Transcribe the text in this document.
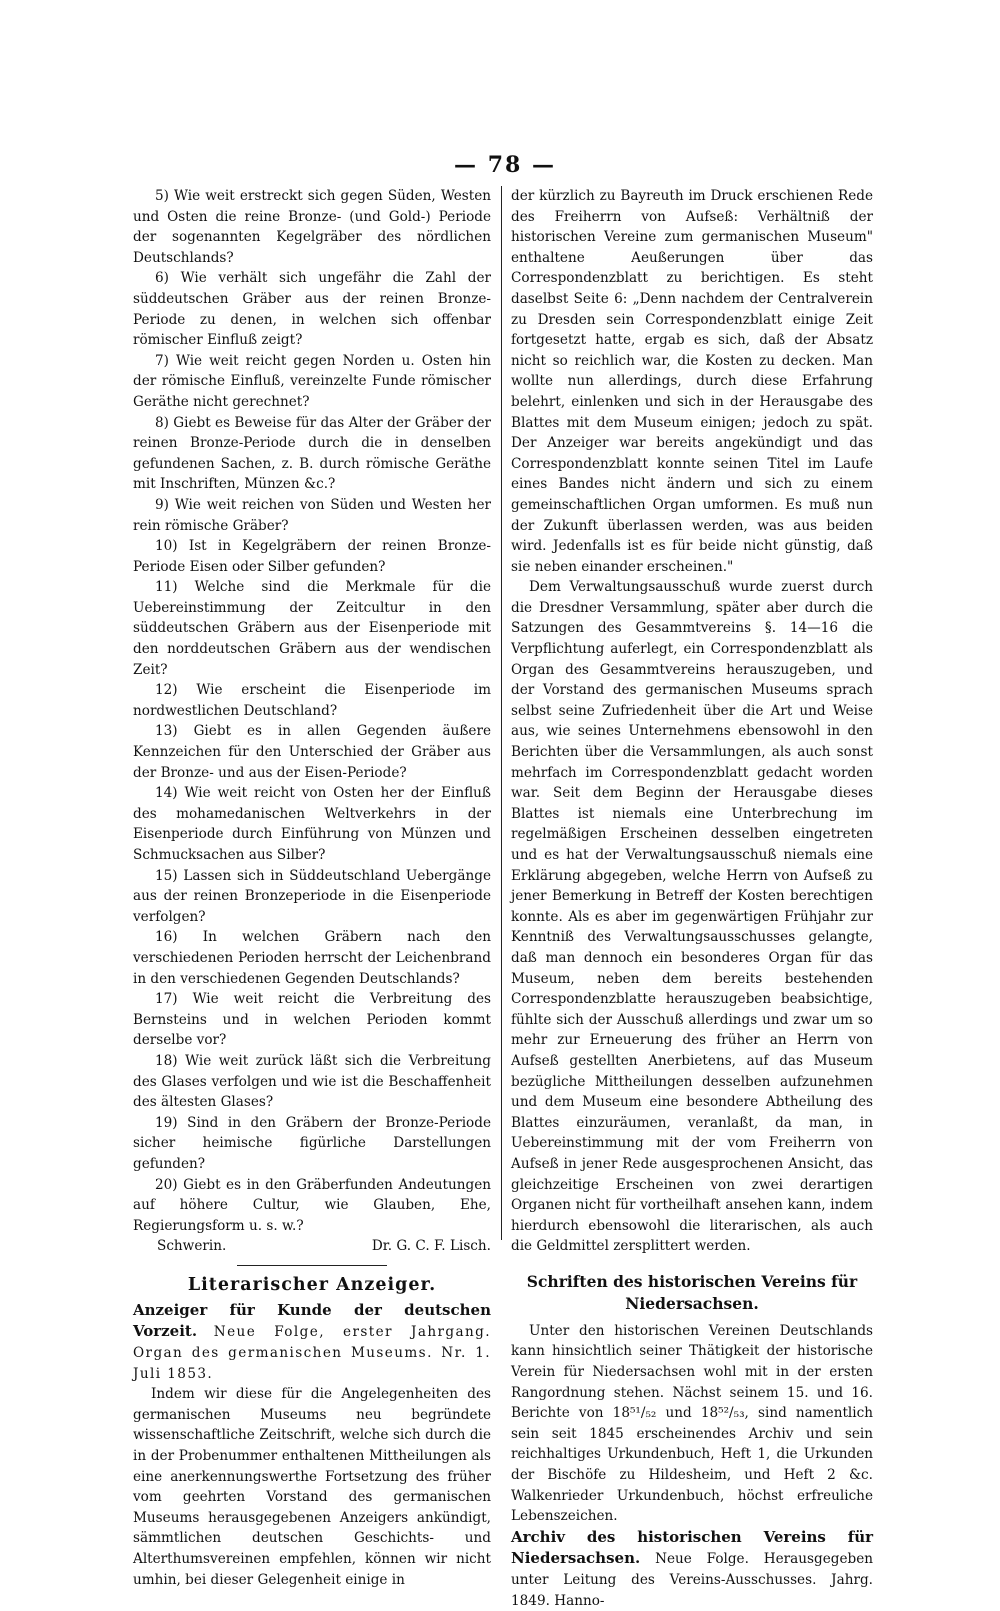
— 78 —

5) Wie weit erstreckt sich gegen Süden, Westen und Osten die reine Bronze- (und Gold-) Periode der sogenannten Kegelgräber des nördlichen Deutschlands?

6) Wie verhält sich ungefähr die Zahl der süddeutschen Gräber aus der reinen Bronze-Periode zu denen, in welchen sich offenbar römischer Einfluß zeigt?

7) Wie weit reicht gegen Norden u. Osten hin der römische Einfluß, vereinzelte Funde römischer Geräthe nicht gerechnet?

8) Giebt es Beweise für das Alter der Gräber der reinen Bronze-Periode durch die in denselben gefundenen Sachen, z. B. durch römische Geräthe mit Inschriften, Münzen &c.?

9) Wie weit reichen von Süden und Westen her rein römische Gräber?

10) Ist in Kegelgräbern der reinen Bronze-Periode Eisen oder Silber gefunden?

11) Welche sind die Merkmale für die Uebereinstimmung der Zeitcultur in den süddeutschen Gräbern aus der Eisenperiode mit den norddeutschen Gräbern aus der wendischen Zeit?

12) Wie erscheint die Eisenperiode im nordwestlichen Deutschland?

13) Giebt es in allen Gegenden äußere Kennzeichen für den Unterschied der Gräber aus der Bronze- und aus der Eisen-Periode?

14) Wie weit reicht von Osten her der Einfluß des mohamedanischen Weltverkehrs in der Eisenperiode durch Einführung von Münzen und Schmucksachen aus Silber?

15) Lassen sich in Süddeutschland Uebergänge aus der reinen Bronzeperiode in die Eisenperiode verfolgen?

16) In welchen Gräbern nach den verschiedenen Perioden herrscht der Leichenbrand in den verschiedenen Gegenden Deutschlands?

17) Wie weit reicht die Verbreitung des Bernsteins und in welchen Perioden kommt derselbe vor?

18) Wie weit zurück läßt sich die Verbreitung des Glases verfolgen und wie ist die Beschaffenheit des ältesten Glases?

19) Sind in den Gräbern der Bronze-Periode sicher heimische figürliche Darstellungen gefunden?

20) Giebt es in den Gräberfunden Andeutungen auf höhere Cultur, wie Glauben, Ehe, Regierungsform u. s. w.?

Schwerin.	Dr. G. C. F. Lisch.
Literarischer Anzeiger.

Anzeiger für Kunde der deutschen Vorzeit. Neue Folge, erster Jahrgang. Organ des germanischen Museums. Nr. 1. Juli 1853.

Indem wir diese für die Angelegenheiten des germanischen Museums neu begründete wissenschaftliche Zeitschrift, welche sich durch die in der Probenummer enthaltenen Mittheilungen als eine anerkennungswerthe Fortsetzung des früher vom geehrten Vorstand des germanischen Museums herausgegebenen Anzeigers ankündigt, sämmtlichen deutschen Geschichts- und Alterthumsvereinen empfehlen, können wir nicht umhin, bei dieser Gelegenheit einige in

der kürzlich zu Bayreuth im Druck erschienen Rede des Freiherrn von Aufseß: Verhältniß der historischen Vereine zum germanischen Museum" enthaltene Aeußerungen über das Correspondenzblatt zu berichtigen. Es steht daselbst Seite 6: „Denn nachdem der Centralverein zu Dresden sein Correspondenzblatt einige Zeit fortgesetzt hatte, ergab es sich, daß der Absatz nicht so reichlich war, die Kosten zu decken. Man wollte nun allerdings, durch diese Erfahrung belehrt, einlenken und sich in der Herausgabe des Blattes mit dem Museum einigen; jedoch zu spät. Der Anzeiger war bereits angekündigt und das Correspondenzblatt konnte seinen Titel im Laufe eines Bandes nicht ändern und sich zu einem gemeinschaftlichen Organ umformen. Es muß nun der Zukunft überlassen werden, was aus beiden wird. Jedenfalls ist es für beide nicht günstig, daß sie neben einander erscheinen."

Dem Verwaltungsausschuß wurde zuerst durch die Dresdner Versammlung, später aber durch die Satzungen des Gesammtvereins §. 14—16 die Verpflichtung auferlegt, ein Correspondenzblatt als Organ des Gesammtvereins herauszugeben, und der Vorstand des germanischen Museums sprach selbst seine Zufriedenheit über die Art und Weise aus, wie seines Unternehmens ebensowohl in den Berichten über die Versammlungen, als auch sonst mehrfach im Correspondenzblatt gedacht worden war. Seit dem Beginn der Herausgabe dieses Blattes ist niemals eine Unterbrechung im regelmäßigen Erscheinen desselben eingetreten und es hat der Verwaltungsausschuß niemals eine Erklärung abgegeben, welche Herrn von Aufseß zu jener Bemerkung in Betreff der Kosten berechtigen konnte. Als es aber im gegenwärtigen Frühjahr zur Kenntniß des Verwaltungsausschusses gelangte, daß man dennoch ein besonderes Organ für das Museum, neben dem bereits bestehenden Correspondenzblatte herauszugeben beabsichtige, fühlte sich der Ausschuß allerdings und zwar um so mehr zur Erneuerung des früher an Herrn von Aufseß gestellten Anerbietens, auf das Museum bezügliche Mittheilungen desselben aufzunehmen und dem Museum eine besondere Abtheilung des Blattes einzuräumen, veranlaßt, da man, in Uebereinstimmung mit der vom Freiherrn von Aufseß in jener Rede ausgesprochenen Ansicht, das gleichzeitige Erscheinen von zwei derartigen Organen nicht für vortheilhaft ansehen kann, indem hierdurch ebensowohl die literarischen, als auch die Geldmittel zersplittert werden.

Schriften des historischen Vereins für Niedersachsen.

Unter den historischen Vereinen Deutschlands kann hinsichtlich seiner Thätigkeit der historische Verein für Niedersachsen wohl mit in der ersten Rangordnung stehen. Nächst seinem 15. und 16. Berichte von 18⁵¹/₅₂ und 18⁵²/₅₃, sind namentlich sein seit 1845 erscheinendes Archiv und sein reichhaltiges Urkundenbuch, Heft 1, die Urkunden der Bischöfe zu Hildesheim, und Heft 2 &c. Walkenrieder Urkundenbuch, höchst erfreuliche Lebenszeichen.

Archiv des historischen Vereins für Niedersachsen. Neue Folge. Herausgegeben unter Leitung des Vereins-Ausschusses. Jahrg. 1849. Hanno-
